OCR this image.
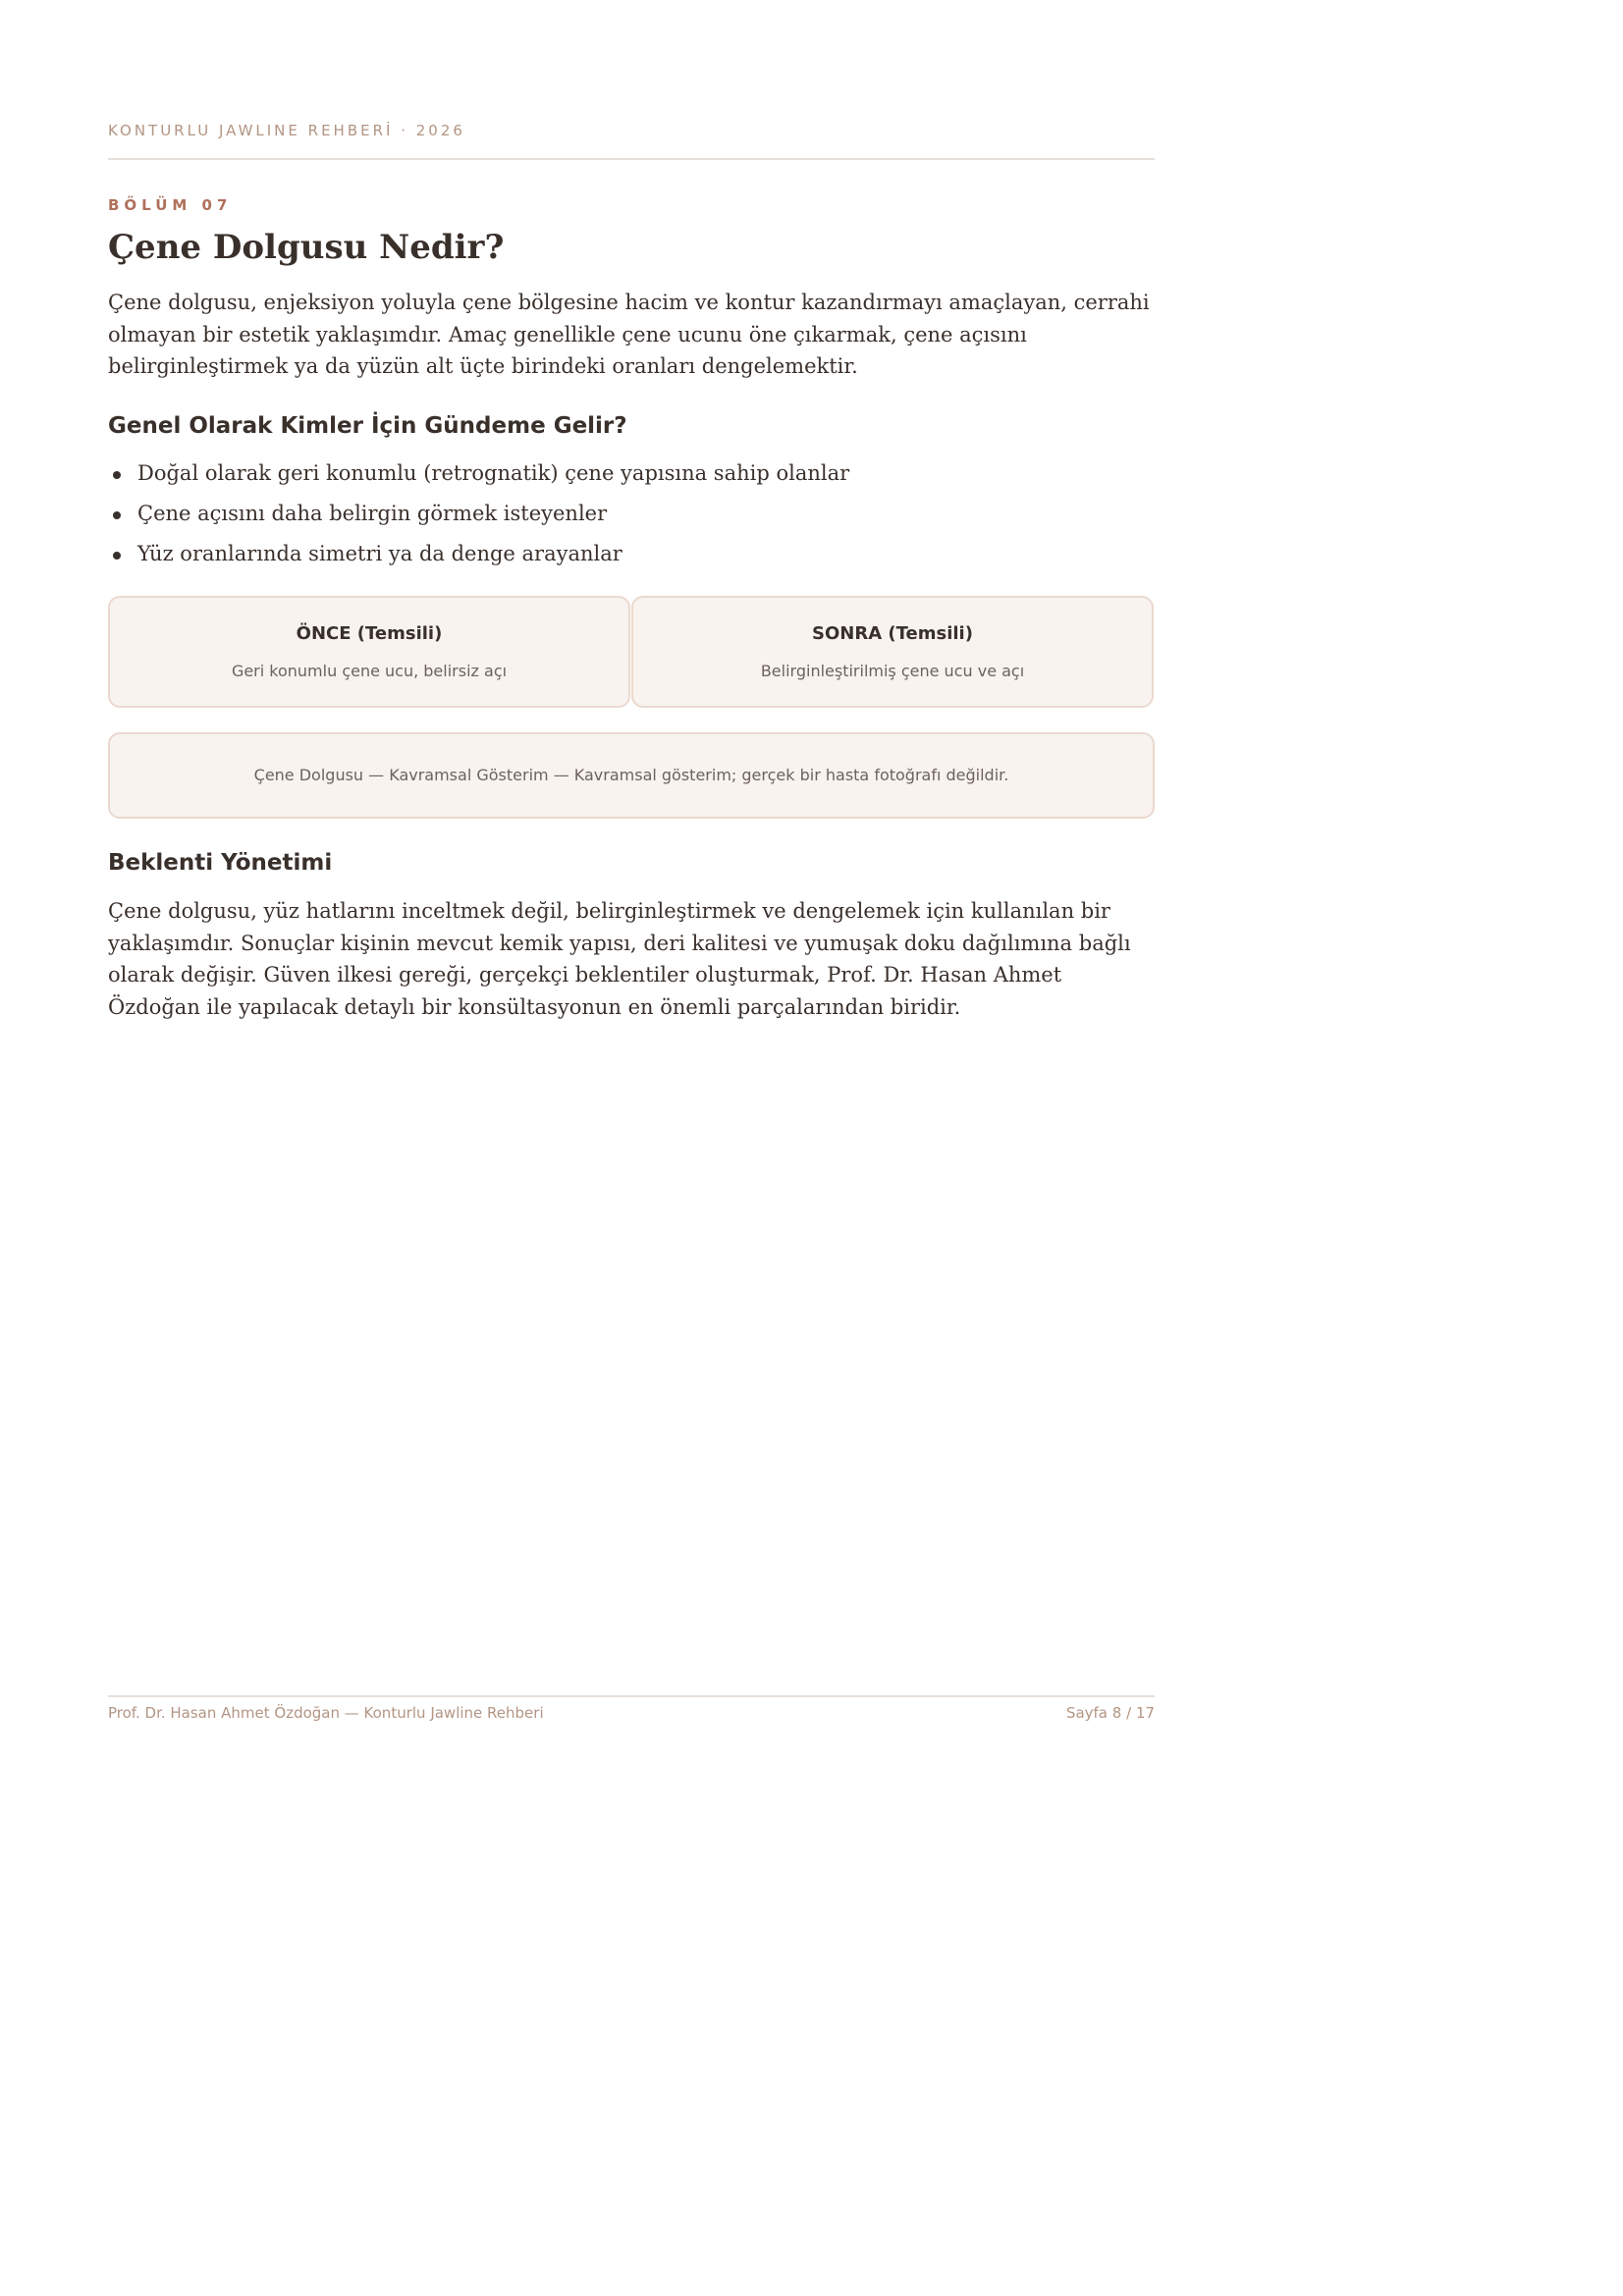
KONTURLU JAWLINE REHBERİ · 2026
BÖLÜM 07
Çene Dolgusu Nedir?

Çene dolgusu, enjeksiyon yoluyla çene bölgesine hacim ve kontur kazandırmayı amaçlayan, cerrahi olmayan bir estetik yaklaşımdır. Amaç genellikle çene ucunu öne çıkarmak, çene açısını belirginleştirmek ya da yüzün alt üçte birindeki oranları dengelemektir.

Genel Olarak Kimler İçin Gündeme Gelir?
Doğal olarak geri konumlu (retrognatik) çene yapısına sahip olanlar
Çene açısını daha belirgin görmek isteyenler
Yüz oranlarında simetri ya da denge arayanlar
ÖNCE (Temsili)
Geri konumlu çene ucu, belirsiz açı
SONRA (Temsili)
Belirginleştirilmiş çene ucu ve açı
Çene Dolgusu — Kavramsal Gösterim — Kavramsal gösterim; gerçek bir hasta fotoğrafı değildir.
Beklenti Yönetimi

Çene dolgusu, yüz hatlarını inceltmek değil, belirginleştirmek ve dengelemek için kullanılan bir yaklaşımdır. Sonuçlar kişinin mevcut kemik yapısı, deri kalitesi ve yumuşak doku dağılımına bağlı olarak değişir. Güven ilkesi gereği, gerçekçi beklentiler oluşturmak, Prof. Dr. Hasan Ahmet Özdoğan ile yapılacak detaylı bir konsültasyonun en önemli parçalarından biridir.

Prof. Dr. Hasan Ahmet Özdoğan — Konturlu Jawline Rehberi	Sayfa 8 / 17
